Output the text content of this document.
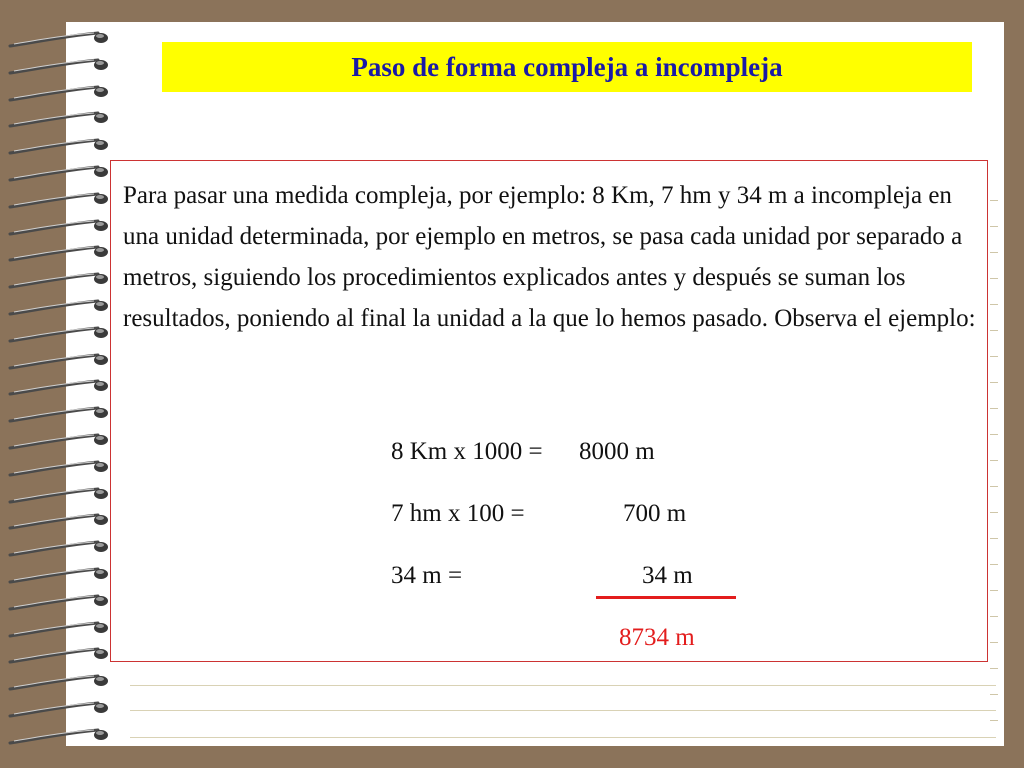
Paso de forma compleja a incompleja

Para pasar una medida compleja, por ejemplo: 8 Km, 7 hm y 34 m a incompleja en una unidad determinada, por ejemplo en metros, se pasa cada unidad por separado a metros, siguiendo los procedimientos explicados antes y después se suman los resultados, poniendo al final la unidad a la que lo hemos pasado. Observa el ejemplo:

8 Km x 1000 = 8000 m
7 hm x 100 =	700 m
34 m =	34 m
8734 m
